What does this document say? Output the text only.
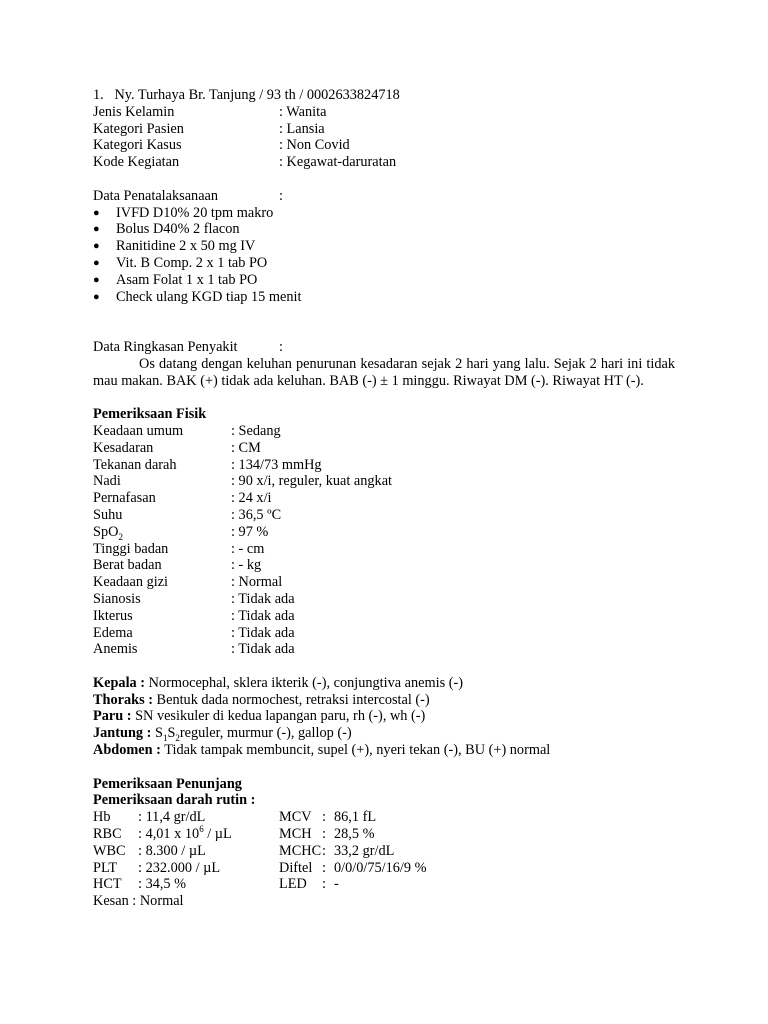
1.   Ny. Turhaya Br. Tanjung / 93 th / 0002633824718
Jenis Kelamin	: Wanita
Kategori Pasien	: Lansia
Kategori Kasus	: Non Covid
Kode Kegiatan	: Kegawat-daruratan
Data Penatalaksanaan	:
● IVFD D10% 20 tpm makro
● Bolus D40% 2 flacon
● Ranitidine 2 x 50 mg IV
● Vit. B Comp. 2 x 1 tab PO
● Asam Folat 1 x 1 tab PO
● Check ulang KGD tiap 15 menit
Data Ringkasan Penyakit	:
Os datang dengan keluhan penurunan kesadaran sejak 2 hari yang lalu. Sejak 2 hari ini tidak mau makan. BAK (+) tidak ada keluhan. BAB (-) ± 1 minggu. Riwayat DM (-). Riwayat HT (-).
Pemeriksaan Fisik
Keadaan umum	: Sedang
Kesadaran	: CM
Tekanan darah	: 134/73 mmHg
Nadi	: 90 x/i, reguler, kuat angkat
Pernafasan	: 24 x/i
Suhu	: 36,5 ºC
SpO$_2$	: 97 %
Tinggi badan	: - cm
Berat badan	: - kg
Keadaan gizi	: Normal
Sianosis	: Tidak ada
Ikterus	: Tidak ada
Edema	: Tidak ada
Anemis	: Tidak ada
Kepala : Normocephal, sklera ikterik (-), conjungtiva anemis (-)
Thoraks : Bentuk dada normochest, retraksi intercostal (-)
Paru : SN vesikuler di kedua lapangan paru, rh (-), wh (-)
Jantung : $S_1S_2reguler$, murmur (-), gallop (-)
Abdomen : Tidak tampak membuncit, supel (+), nyeri tekan (-), BU (+) normal
Pemeriksaan Penunjang
Pemeriksaan darah rutin :
Hb : 11,4 gr/dL	MCV : 86,1 fL
RBC : 4,01 x $10^6$ / µL	MCH : 28,5 %
WBC : 8.300 / µL	MCHC : 33,2 gr/dL
PLT : 232.000 / µL	Diftel : 0/0/0/75/16/9 %
HCT : 34,5 %	LED : -
Kesan : Normal
